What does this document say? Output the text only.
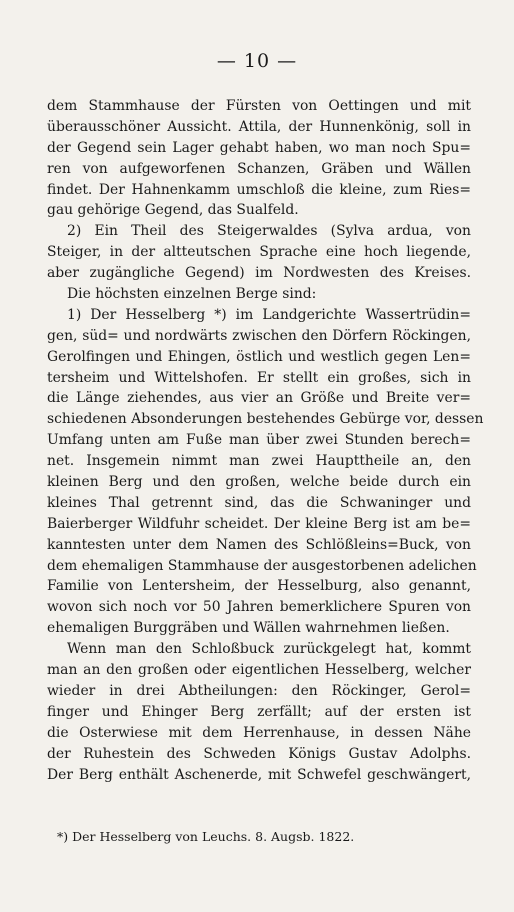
— 10 —
dem Stammhause der Fürsten von Oettingen und mit
überausschöner Aussicht. Attila, der Hunnenkönig, soll in
der Gegend sein Lager gehabt haben, wo man noch Spu=
ren von aufgeworfenen Schanzen, Gräben und Wällen
findet. Der Hahnenkamm umschloß die kleine, zum Ries=
gau gehörige Gegend, das Sualfeld.
2) Ein Theil des Steigerwaldes (Sylva ardua, von
Steiger, in der altteutschen Sprache eine hoch liegende,
aber zugängliche Gegend) im Nordwesten des Kreises.
Die höchsten einzelnen Berge sind:
1) Der Hesselberg *) im Landgerichte Wassertrüdin=
gen, süd= und nordwärts zwischen den Dörfern Röckingen,
Gerolfingen und Ehingen, östlich und westlich gegen Len=
tersheim und Wittelshofen. Er stellt ein großes, sich in
die Länge ziehendes, aus vier an Größe und Breite ver=
schiedenen Absonderungen bestehendes Gebürge vor, dessen
Umfang unten am Fuße man über zwei Stunden berech=
net. Insgemein nimmt man zwei Haupttheile an, den
kleinen Berg und den großen, welche beide durch ein
kleines Thal getrennt sind, das die Schwaninger und
Baierberger Wildfuhr scheidet. Der kleine Berg ist am be=
kanntesten unter dem Namen des Schlößleins=Buck, von
dem ehemaligen Stammhause der ausgestorbenen adelichen
Familie von Lentersheim, der Hesselburg, also genannt,
wovon sich noch vor 50 Jahren bemerklichere Spuren von
ehemaligen Burggräben und Wällen wahrnehmen ließen.
Wenn man den Schloßbuck zurückgelegt hat, kommt
man an den großen oder eigentlichen Hesselberg, welcher
wieder in drei Abtheilungen: den Röckinger, Gerol=
finger und Ehinger Berg zerfällt; auf der ersten ist
die Osterwiese mit dem Herrenhause, in dessen Nähe
der Ruhestein des Schweden Königs Gustav Adolphs.
Der Berg enthält Aschenerde, mit Schwefel geschwängert,
*) Der Hesselberg von Leuchs. 8. Augsb. 1822.
